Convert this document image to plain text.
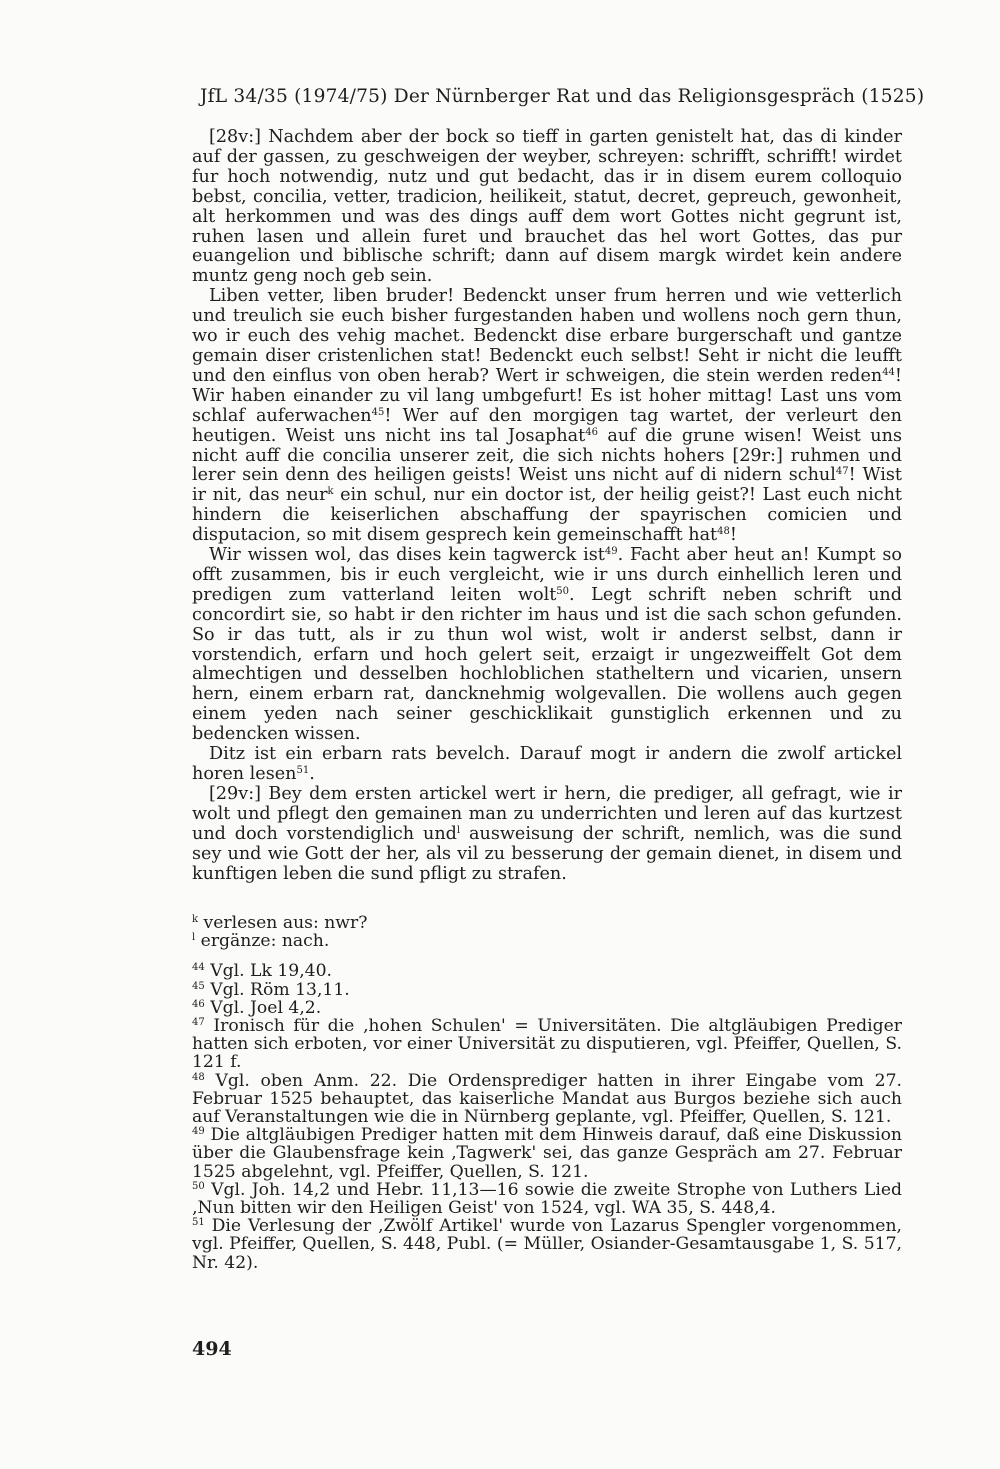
JfL 34/35 (1974/75) Der Nürnberger Rat und das Religionsgespräch (1525)

[28v:] Nachdem aber der bock so tieff in garten genistelt hat, das di kinder auf der gassen, zu geschweigen der weyber, schreyen: schrifft, schrifft! wirdet fur hoch notwendig, nutz und gut bedacht, das ir in disem eurem colloquio bebst, concilia, vetter, tradicion, heilikeit, statut, decret, gepreuch, gewonheit, alt herkommen und was des dings auff dem wort Gottes nicht gegrunt ist, ruhen lasen und allein furet und brauchet das hel wort Gottes, das pur euangelion und biblische schrift; dann auf disem margk wirdet kein andere muntz geng noch geb sein.

Liben vetter, liben bruder! Bedenckt unser frum herren und wie vetterlich und treulich sie euch bisher furgestanden haben und wollens noch gern thun, wo ir euch des vehig machet. Bedenckt dise erbare burgerschaft und gantze gemain diser cristenlichen stat! Bedenckt euch selbst! Seht ir nicht die leufft und den einflus von oben herab? Wert ir schweigen, die stein werden reden$^{44}$! Wir haben einander zu vil lang umbgefurt! Es ist hoher mittag! Last uns vom schlaf auferwachen$^{45}$! Wer auf den morgigen tag wartet, der verleurt den heutigen. Weist uns nicht ins tal Josaphat$^{46}$ auf die grune wisen! Weist uns nicht auff die concilia unserer zeit, die sich nichts hohers [29r:] ruhmen und lerer sein denn des heiligen geists! Weist uns nicht auf di nidern schul$^{47}$! Wist ir nit, das neur$^k$ ein schul, nur ein doctor ist, der heilig geist?! Last euch nicht hindern die keiserlichen abschaffung der spayrischen comicien und disputacion, so mit disem gesprech kein gemeinschafft hat$^{48}$!

Wir wissen wol, das dises kein tagwerck ist$^{49}$. Facht aber heut an! Kumpt so offt zusammen, bis ir euch vergleicht, wie ir uns durch einhellich leren und predigen zum vatterland leiten wolt$^{50}$. Legt schrift neben schrift und concordirt sie, so habt ir den richter im haus und ist die sach schon gefunden. So ir das tutt, als ir zu thun wol wist, wolt ir anderst selbst, dann ir vorstendich, erfarn und hoch gelert seit, erzaigt ir ungezweiffelt Got dem almechtigen und desselben hochloblichen statheltern und vicarien, unsern hern, einem erbarn rat, dancknehmig wolgevallen. Die wollens auch gegen einem yeden nach seiner geschicklikait gunstiglich erkennen und zu bedencken wissen.

Ditz ist ein erbarn rats bevelch. Darauf mogt ir andern die zwolf artickel horen lesen$^{51}$.

[29v:] Bey dem ersten artickel wert ir hern, die prediger, all gefragt, wie ir wolt und pflegt den gemainen man zu underrichten und leren auf das kurtzest und doch vorstendiglich und$^l$ ausweisung der schrift, nemlich, was die sund sey und wie Gott der her, als vil zu besserung der gemain dienet, in disem und kunftigen leben die sund pfligt zu strafen.

$^k$ verlesen aus: nwr?

$^l$ ergänze: nach.

$^{44}$ Vgl. Lk 19,40.

$^{45}$ Vgl. Röm 13,11.

$^{46}$ Vgl. Joel 4,2.

$^{47}$ Ironisch für die ‚hohen Schulen' = Universitäten. Die altgläubigen Prediger hatten sich erboten, vor einer Universität zu disputieren, vgl. Pfeiffer, Quellen, S. 121 f.

$^{48}$ Vgl. oben Anm. 22. Die Ordensprediger hatten in ihrer Eingabe vom 27. Februar 1525 behauptet, das kaiserliche Mandat aus Burgos beziehe sich auch auf Veranstaltungen wie die in Nürnberg geplante, vgl. Pfeiffer, Quellen, S. 121.

$^{49}$ Die altgläubigen Prediger hatten mit dem Hinweis darauf, daß eine Diskussion über die Glaubensfrage kein ‚Tagwerk' sei, das ganze Gespräch am 27. Februar 1525 abgelehnt, vgl. Pfeiffer, Quellen, S. 121.

$^{50}$ Vgl. Joh. 14,2 und Hebr. 11,13—16 sowie die zweite Strophe von Luthers Lied ‚Nun bitten wir den Heiligen Geist' von 1524, vgl. WA 35, S. 448,4.

$^{51}$ Die Verlesung der ‚Zwölf Artikel' wurde von Lazarus Spengler vorgenommen, vgl. Pfeiffer, Quellen, S. 448, Publ. (= Müller, Osiander-Gesamtausgabe 1, S. 517, Nr. 42).

494
